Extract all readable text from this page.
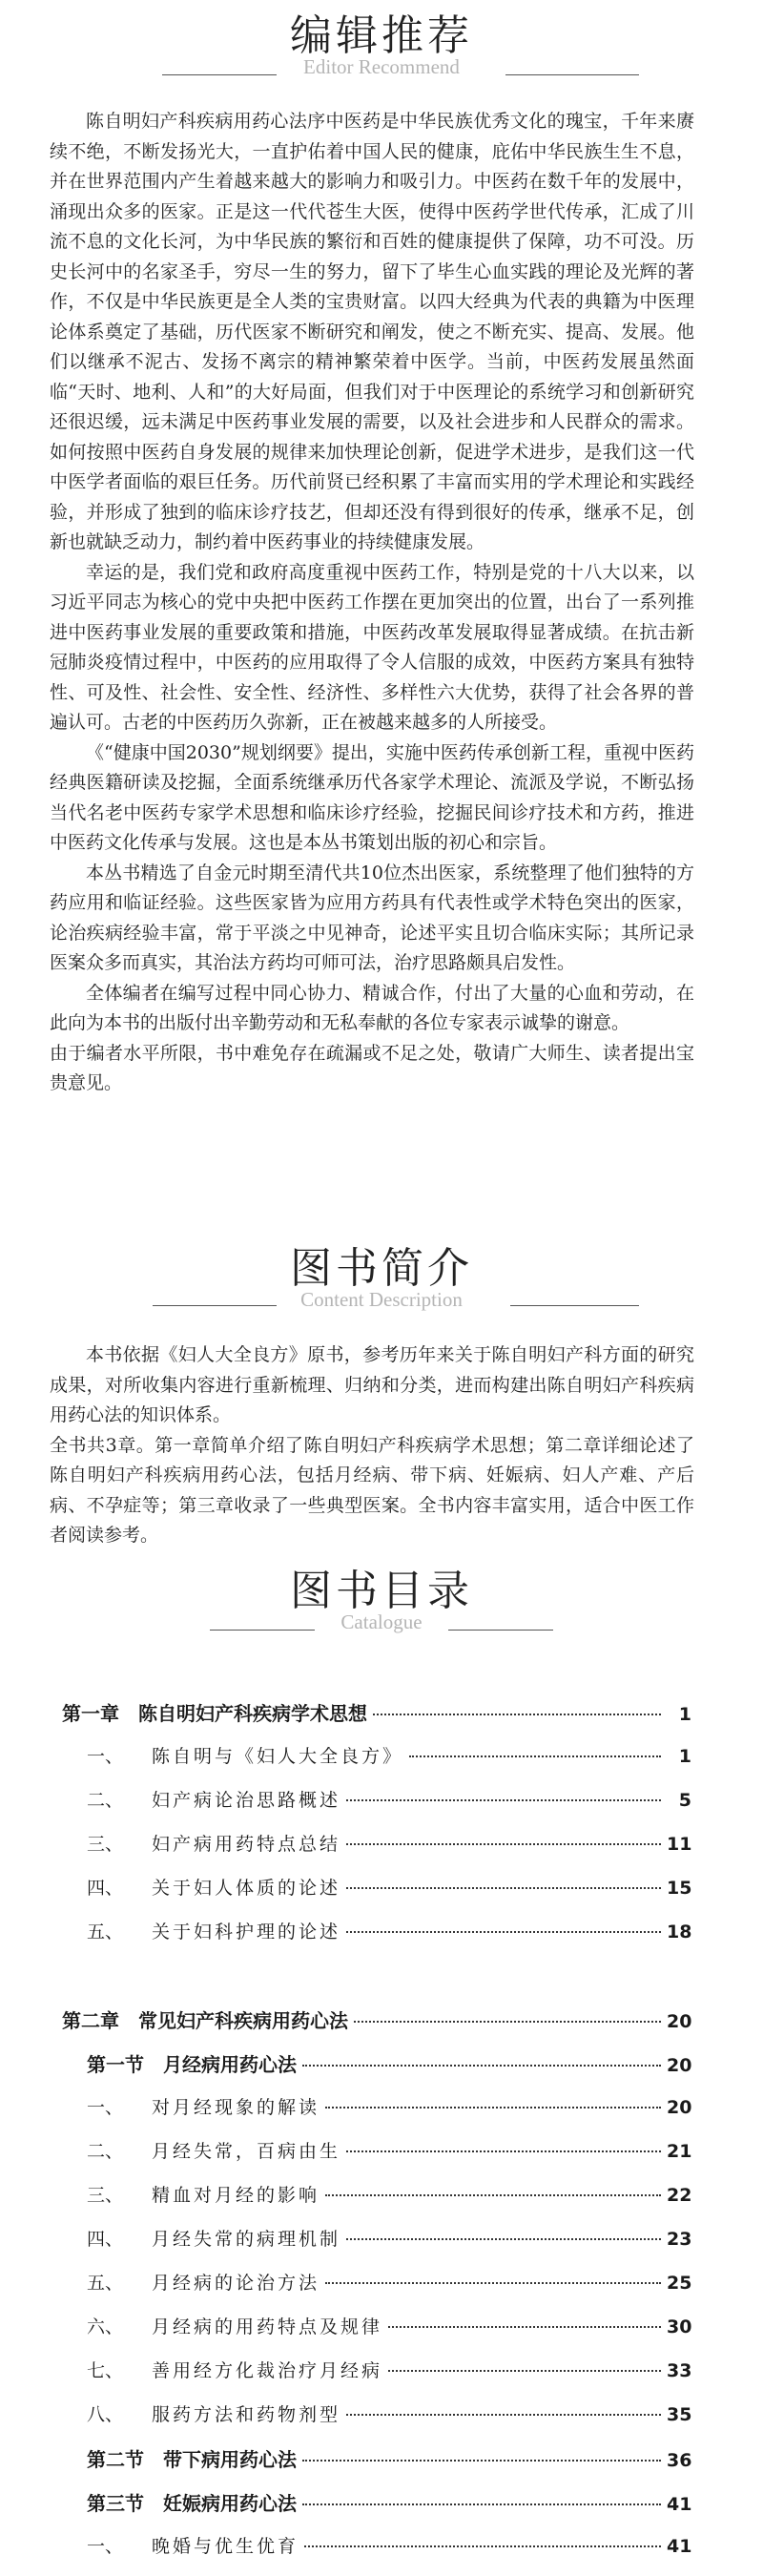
编辑推荐
Editor Recommend

陈自明妇产科疾病用药心法序中医药是中华民族优秀文化的瑰宝，千年来赓续不绝，不断发扬光大，一直护佑着中国人民的健康，庇佑中华民族生生不息，并在世界范围内产生着越来越大的影响力和吸引力。中医药在数千年的发展中，涌现出众多的医家。正是这一代代苍生大医，使得中医药学世代传承，汇成了川流不息的文化长河，为中华民族的繁衍和百姓的健康提供了保障，功不可没。历史长河中的名家圣手，穷尽一生的努力，留下了毕生心血实践的理论及光辉的著作，不仅是中华民族更是全人类的宝贵财富。以四大经典为代表的典籍为中医理论体系奠定了基础，历代医家不断研究和阐发，使之不断充实、提高、发展。他们以继承不泥古、发扬不离宗的精神繁荣着中医学。当前，中医药发展虽然面临“天时、地利、人和”的大好局面，但我们对于中医理论的系统学习和创新研究还很迟缓，远未满足中医药事业发展的需要，以及社会进步和人民群众的需求。如何按照中医药自身发展的规律来加快理论创新，促进学术进步，是我们这一代中医学者面临的艰巨任务。历代前贤已经积累了丰富而实用的学术理论和实践经验，并形成了独到的临床诊疗技艺，但却还没有得到很好的传承，继承不足，创新也就缺乏动力，制约着中医药事业的持续健康发展。

幸运的是，我们党和政府高度重视中医药工作，特别是党的十八大以来，以习近平同志为核心的党中央把中医药工作摆在更加突出的位置，出台了一系列推进中医药事业发展的重要政策和措施，中医药改革发展取得显著成绩。在抗击新冠肺炎疫情过程中，中医药的应用取得了令人信服的成效，中医药方案具有独特性、可及性、社会性、安全性、经济性、多样性六大优势，获得了社会各界的普遍认可。古老的中医药历久弥新，正在被越来越多的人所接受。

《“健康中国2030”规划纲要》提出，实施中医药传承创新工程，重视中医药经典医籍研读及挖掘，全面系统继承历代各家学术理论、流派及学说，不断弘扬当代名老中医药专家学术思想和临床诊疗经验，挖掘民间诊疗技术和方药，推进中医药文化传承与发展。这也是本丛书策划出版的初心和宗旨。

本丛书精选了自金元时期至清代共10位杰出医家，系统整理了他们独特的方药应用和临证经验。这些医家皆为应用方药具有代表性或学术特色突出的医家，论治疾病经验丰富，常于平淡之中见神奇，论述平实且切合临床实际；其所记录医案众多而真实，其治法方药均可师可法，治疗思路颇具启发性。

全体编者在编写过程中同心协力、精诚合作，付出了大量的心血和劳动，在此向为本书的出版付出辛勤劳动和无私奉献的各位专家表示诚挚的谢意。

由于编者水平所限，书中难免存在疏漏或不足之处，敬请广大师生、读者提出宝贵意见。

图书简介
Content Description

本书依据《妇人大全良方》原书，参考历年来关于陈自明妇产科方面的研究成果，对所收集内容进行重新梳理、归纳和分类，进而构建出陈自明妇产科疾病用药心法的知识体系。

全书共3章。第一章简单介绍了陈自明妇产科疾病学术思想；第二章详细论述了陈自明妇产科疾病用药心法，包括月经病、带下病、妊娠病、妇人产难、产后病、不孕症等；第三章收录了一些典型医案。全书内容丰富实用，适合中医工作者阅读参考。

图书目录
Catalogue
第一章　陈自明妇产科疾病学术思想	1
一、 陈自明与《妇人大全良方》	1
二、 妇产病论治思路概述	5
三、 妇产病用药特点总结	11
四、 关于妇人体质的论述	15
五、 关于妇科护理的论述	18
第二章　常见妇产科疾病用药心法	20
第一节　月经病用药心法	20
一、 对月经现象的解读	20
二、 月经失常，百病由生	21
三、 精血对月经的影响	22
四、 月经失常的病理机制	23
五、 月经病的论治方法	25
六、 月经病的用药特点及规律	30
七、 善用经方化裁治疗月经病	33
八、 服药方法和药物剂型	35
第二节　带下病用药心法	36
第三节　妊娠病用药心法	41
一、 晚婚与优生优育	41
